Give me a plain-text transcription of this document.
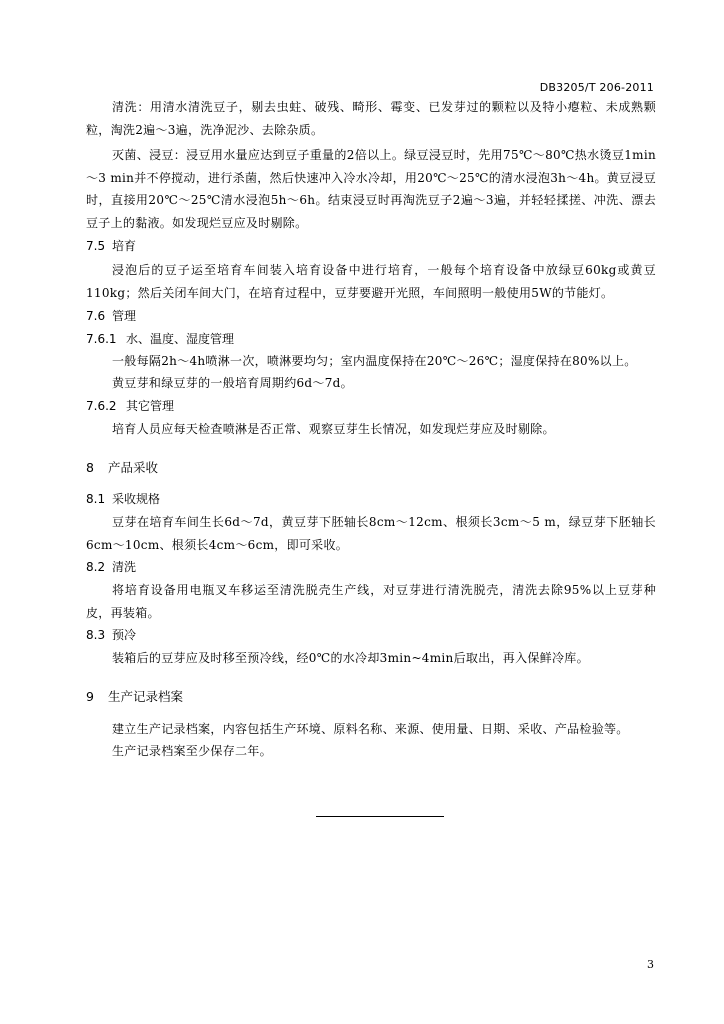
DB3205/T 206-2011
清洗：用清水清洗豆子，剔去虫蛀、破残、畸形、霉变、已发芽过的颗粒以及特小瘪粒、未成熟颗粒，淘洗2遍～3遍，洗净泥沙、去除杂质。
灭菌、浸豆：浸豆用水量应达到豆子重量的2倍以上。绿豆浸豆时，先用75℃～80℃热水烫豆1min～3 min并不停搅动，进行杀菌，然后快速冲入冷水冷却，用20℃～25℃的清水浸泡3h～4h。黄豆浸豆时，直接用20℃～25℃清水浸泡5h～6h。结束浸豆时再淘洗豆子2遍～3遍，并轻轻揉搓、冲洗、漂去豆子上的黏液。如发现烂豆应及时剔除。
7.5 培育
浸泡后的豆子运至培育车间装入培育设备中进行培育，一般每个培育设备中放绿豆60kg或黄豆110kg；然后关闭车间大门，在培育过程中，豆芽要避开光照，车间照明一般使用5W的节能灯。
7.6 管理
7.6.1 水、温度、湿度管理
一般每隔2h～4h喷淋一次，喷淋要均匀；室内温度保持在20℃～26℃；湿度保持在80%以上。
黄豆芽和绿豆芽的一般培育周期约6d～7d。
7.6.2 其它管理
培育人员应每天检查喷淋是否正常、观察豆芽生长情况，如发现烂芽应及时剔除。
8 产品采收
8.1 采收规格
豆芽在培育车间生长6d～7d，黄豆芽下胚轴长8cm～12cm、根须长3cm～5 m，绿豆芽下胚轴长6cm～10cm、根须长4cm～6cm，即可采收。
8.2 清洗
将培育设备用电瓶叉车移运至清洗脱壳生产线，对豆芽进行清洗脱壳，清洗去除95%以上豆芽种皮，再装箱。
8.3 预冷
装箱后的豆芽应及时移至预冷线，经0℃的水冷却3min~4min后取出，再入保鲜冷库。
9 生产记录档案
建立生产记录档案，内容包括生产环境、原料名称、来源、使用量、日期、采收、产品检验等。
生产记录档案至少保存二年。
3
